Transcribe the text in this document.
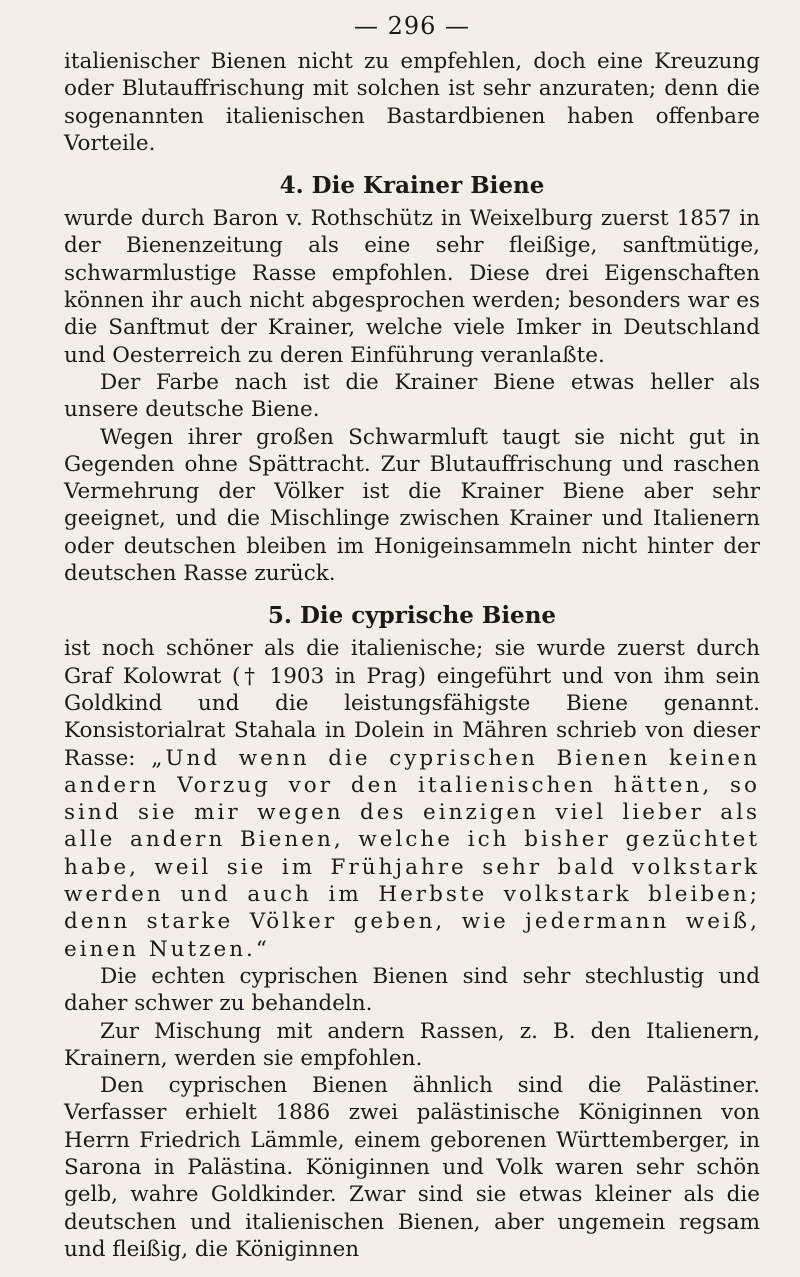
— 296 —

italienischer Bienen nicht zu empfehlen, doch eine Kreuzung oder Blutauffrischung mit solchen ist sehr anzuraten; denn die sogenannten italienischen Bastardbienen haben offenbare Vorteile.

4. Die Krainer Biene

wurde durch Baron v. Rothschütz in Weixelburg zuerst 1857 in der Bienenzeitung als eine sehr fleißige, sanftmütige, schwarmlustige Rasse empfohlen. Diese drei Eigenschaften können ihr auch nicht abgesprochen werden; besonders war es die Sanftmut der Krainer, welche viele Imker in Deutschland und Oesterreich zu deren Einführung veranlaßte.

Der Farbe nach ist die Krainer Biene etwas heller als unsere deutsche Biene.

Wegen ihrer großen Schwarmluft taugt sie nicht gut in Gegenden ohne Spättracht. Zur Blutauffrischung und raschen Vermehrung der Völker ist die Krainer Biene aber sehr geeignet, und die Mischlinge zwischen Krainer und Italienern oder deutschen bleiben im Honigeinsammeln nicht hinter der deutschen Rasse zurück.

5. Die cyprische Biene

ist noch schöner als die italienische; sie wurde zuerst durch Graf Kolowrat († 1903 in Prag) eingeführt und von ihm sein Goldkind und die leistungsfähigste Biene genannt. Konsistorialrat Stahala in Dolein in Mähren schrieb von dieser Rasse: „Und wenn die cyprischen Bienen keinen andern Vorzug vor den italienischen hätten, so sind sie mir wegen des einzigen viel lieber als alle andern Bienen, welche ich bisher gezüchtet habe, weil sie im Frühjahre sehr bald volkstark werden und auch im Herbste volkstark bleiben; denn starke Völker geben, wie jedermann weiß, einen Nutzen.“

Die echten cyprischen Bienen sind sehr stechlustig und daher schwer zu behandeln.

Zur Mischung mit andern Rassen, z. B. den Italienern, Krainern, werden sie empfohlen.

Den cyprischen Bienen ähnlich sind die Palästiner. Verfasser erhielt 1886 zwei palästinische Königinnen von Herrn Friedrich Lämmle, einem geborenen Württemberger, in Sarona in Palästina. Königinnen und Volk waren sehr schön gelb, wahre Goldkinder. Zwar sind sie etwas kleiner als die deutschen und italienischen Bienen, aber ungemein regsam und fleißig, die Königinnen
